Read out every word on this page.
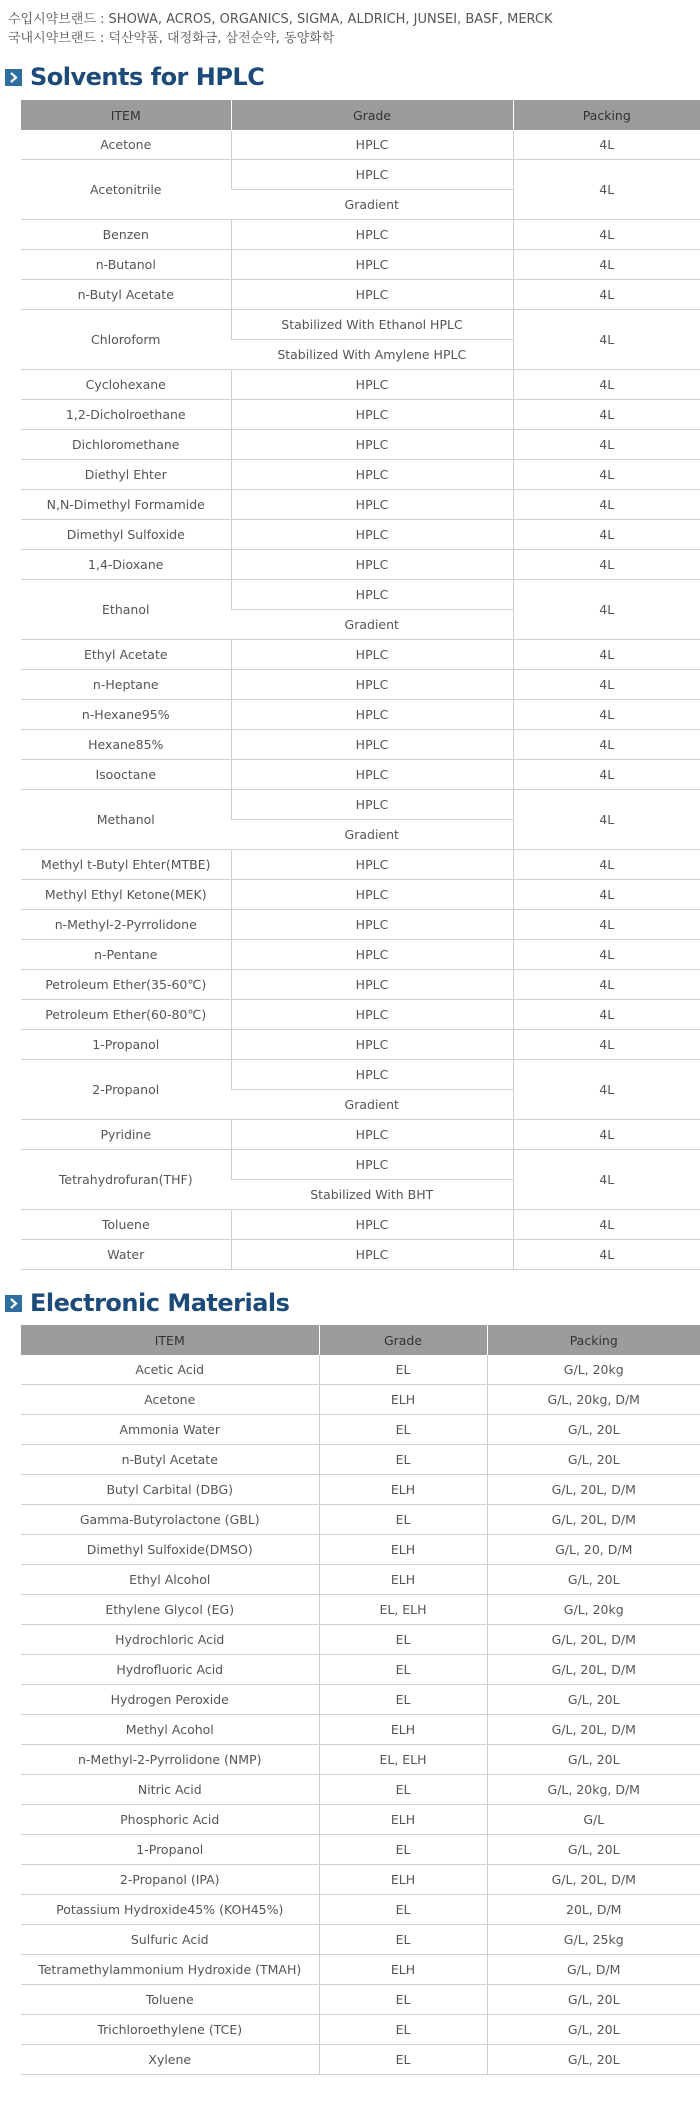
수입시약브랜드 : SHOWA, ACROS, ORGANICS, SIGMA, ALDRICH, JUNSEI, BASF, MERCK
국내시약브랜드 : 덕산약품, 대정화금, 삼전순약, 동양화학
Solvents for HPLC
ITEM	Grade	Packing
Acetone	HPLC	4L
Acetonitrile	HPLC	4L
	Gradient	
Benzen	HPLC	4L
n-Butanol	HPLC	4L
n-Butyl Acetate	HPLC	4L
Chloroform	Stabilized With Ethanol HPLC	4L
	Stabilized With Amylene HPLC	
Cyclohexane	HPLC	4L
1,2-Dicholroethane	HPLC	4L
Dichloromethane	HPLC	4L
Diethyl Ehter	HPLC	4L
N,N-Dimethyl Formamide	HPLC	4L
Dimethyl Sulfoxide	HPLC	4L
1,4-Dioxane	HPLC	4L
Ethanol	HPLC	4L
	Gradient	
Ethyl Acetate	HPLC	4L
n-Heptane	HPLC	4L
n-Hexane95%	HPLC	4L
Hexane85%	HPLC	4L
Isooctane	HPLC	4L
Methanol	HPLC	4L
	Gradient	
Methyl t-Butyl Ehter(MTBE)	HPLC	4L
Methyl Ethyl Ketone(MEK)	HPLC	4L
n-Methyl-2-Pyrrolidone	HPLC	4L
n-Pentane	HPLC	4L
Petroleum Ether(35-60℃)	HPLC	4L
Petroleum Ether(60-80℃)	HPLC	4L
1-Propanol	HPLC	4L
2-Propanol	HPLC	4L
	Gradient	
Pyridine	HPLC	4L
Tetrahydrofuran(THF)	HPLC	4L
	Stabilized With BHT	
Toluene	HPLC	4L
Water	HPLC	4L
Electronic Materials
ITEM	Grade	Packing
Acetic Acid	EL	G/L, 20kg
Acetone	ELH	G/L, 20kg, D/M
Ammonia Water	EL	G/L, 20L
n-Butyl Acetate	EL	G/L, 20L
Butyl Carbital (DBG)	ELH	G/L, 20L, D/M
Gamma-Butyrolactone (GBL)	EL	G/L, 20L, D/M
Dimethyl Sulfoxide(DMSO)	ELH	G/L, 20, D/M
Ethyl Alcohol	ELH	G/L, 20L
Ethylene Glycol (EG)	EL, ELH	G/L, 20kg
Hydrochloric Acid	EL	G/L, 20L, D/M
Hydrofluoric Acid	EL	G/L, 20L, D/M
Hydrogen Peroxide	EL	G/L, 20L
Methyl Acohol	ELH	G/L, 20L, D/M
n-Methyl-2-Pyrrolidone (NMP)	EL, ELH	G/L, 20L
Nitric Acid	EL	G/L, 20kg, D/M
Phosphoric Acid	ELH	G/L
1-Propanol	EL	G/L, 20L
2-Propanol (IPA)	ELH	G/L, 20L, D/M
Potassium Hydroxide45% (KOH45%)	EL	20L, D/M
Sulfuric Acid	EL	G/L, 25kg
Tetramethylammonium Hydroxide (TMAH)	ELH	G/L, D/M
Toluene	EL	G/L, 20L
Trichloroethylene (TCE)	EL	G/L, 20L
Xylene	EL	G/L, 20L
